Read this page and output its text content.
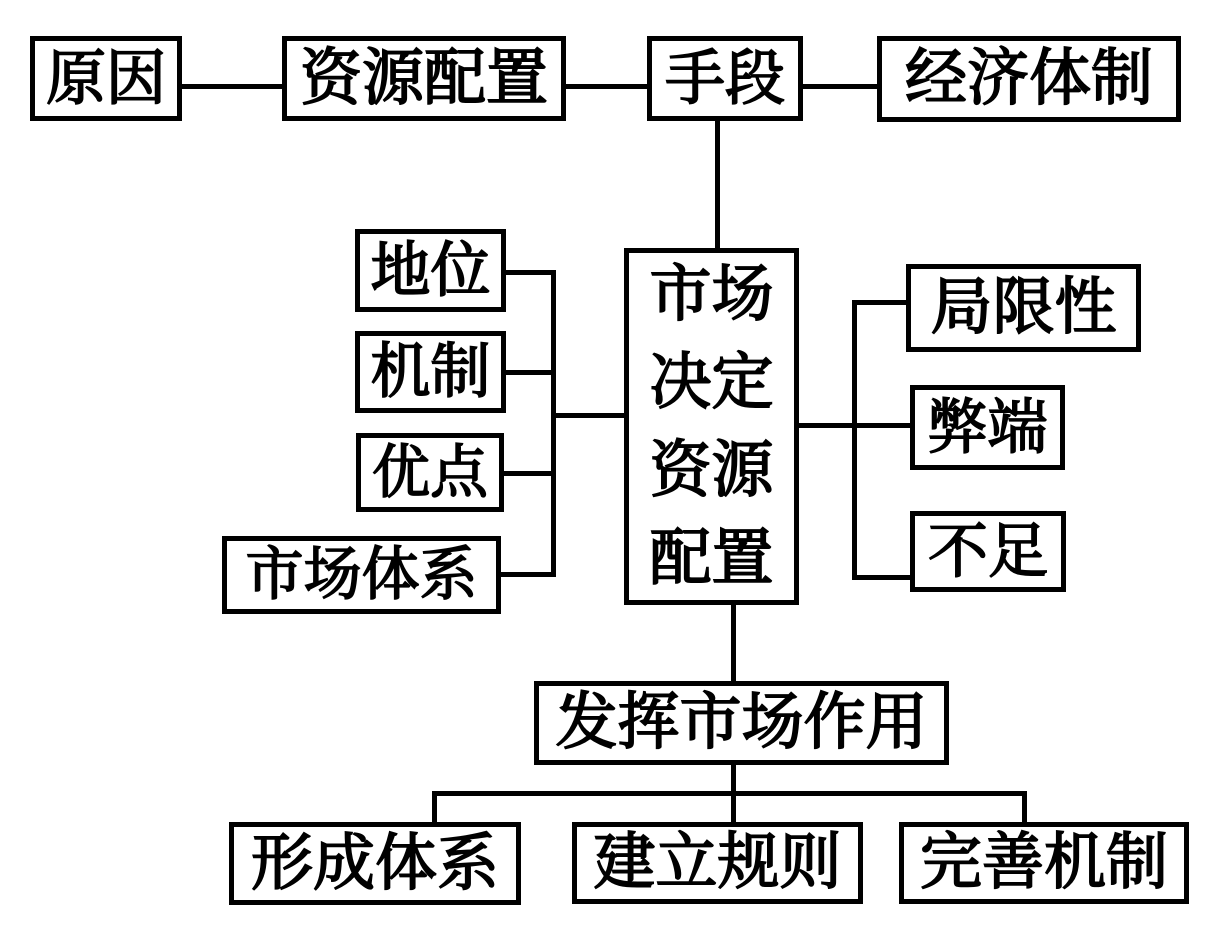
原因 资源配置 手段 经济体制
地位
机制
优点
市场体系
市场
决定
资源
配置
局限性
弊端
不足
发挥市场作用
形成体系 建立规则 完善机制
